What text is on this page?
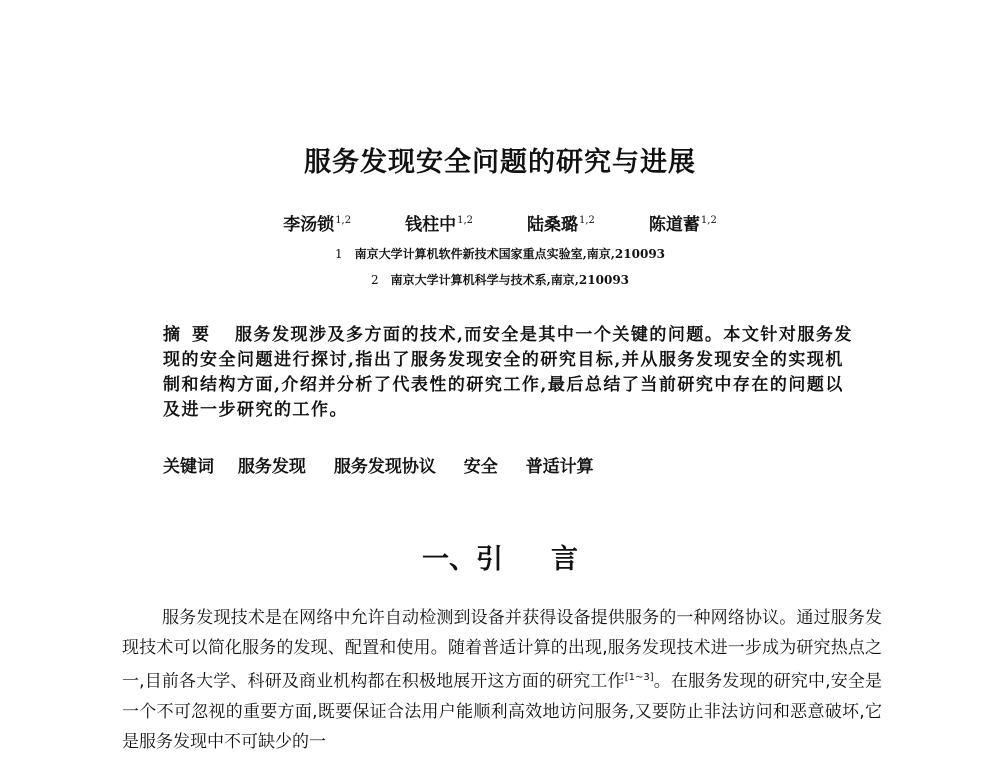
服务发现安全问题的研究与进展
李汤锁$^{1,2}$	钱柱中$^{1,2}$	陆桑璐$^{1,2}$	陈道蓄$^{1,2}$
1 南京大学计算机软件新技术国家重点实验室,南京,210093
2 南京大学计算机科学与技术系,南京,210093
摘要 服务发现涉及多方面的技术,而安全是其中一个关键的问题。本文针对服务发现的安全问题进行探讨,指出了服务发现安全的研究目标,并从服务发现安全的实现机制和结构方面,介绍并分析了代表性的研究工作,最后总结了当前研究中存在的问题以及进一步研究的工作。
关键词 服务发现 服务发现协议 安全 普适计算
一、引 言

服务发现技术是在网络中允许自动检测到设备并获得设备提供服务的一种网络协议。通过服务发现技术可以简化服务的发现、配置和使用。随着普适计算的出现,服务发现技术进一步成为研究热点之一,目前各大学、科研及商业机构都在积极地展开这方面的研究工作[1~3]。在服务发现的研究中,安全是一个不可忽视的重要方面,既要保证合法用户能顺利高效地访问服务,又要防止非法访问和恶意破坏,它是服务发现中不可缺少的一
